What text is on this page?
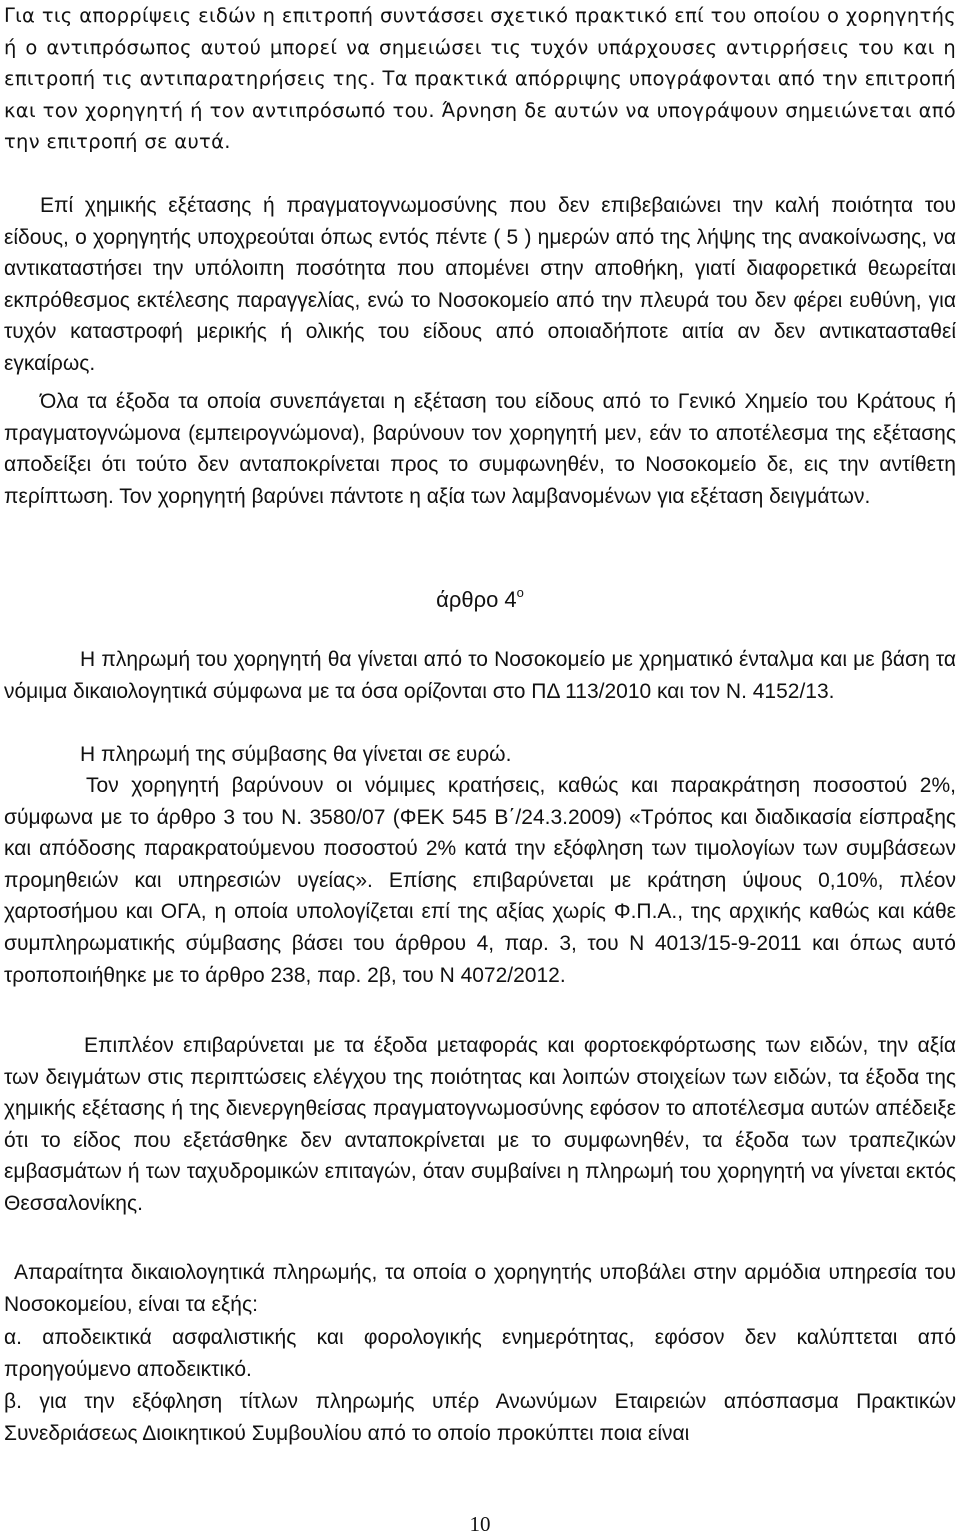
Για τις απορρίψεις ειδών η επιτροπή συντάσσει σχετικό πρακτικό επί του οποίου ο χορηγητής ή ο αντιπρόσωπος αυτού μπορεί να σημειώσει τις τυχόν υπάρχουσες αντιρρήσεις του και η επιτροπή τις αντιπαρατηρήσεις της. Τα πρακτικά απόρριψης υπογράφονται από την επιτροπή και τον χορηγητή ή τον αντιπρόσωπό του. Άρνηση δε αυτών να υπογράψουν σημειώνεται από την επιτροπή σε αυτά.

Επί χημικής εξέτασης ή πραγματογνωμοσύνης που δεν επιβεβαιώνει την καλή ποιότητα του είδους, ο χορηγητής υποχρεούται όπως εντός πέντε ( 5 ) ημερών από της λήψης της ανακοίνωσης, να αντικαταστήσει την υπόλοιπη ποσότητα που απομένει στην αποθήκη, γιατί διαφορετικά θεωρείται εκπρόθεσμος εκτέλεσης παραγγελίας, ενώ το Νοσοκομείο από την πλευρά του δεν φέρει ευθύνη, για τυχόν καταστροφή μερικής ή ολικής του είδους από οποιαδήποτε αιτία αν δεν αντικατασταθεί εγκαίρως.

Όλα τα έξοδα τα οποία συνεπάγεται η εξέταση του είδους από το Γενικό Χημείο του Κράτους ή πραγματογνώμονα (εμπειρογνώμονα), βαρύνουν τον χορηγητή μεν, εάν το αποτέλεσμα της εξέτασης αποδείξει ότι τούτο δεν ανταποκρίνεται προς το συμφωνηθέν, το Νοσοκομείο δε, εις την αντίθετη περίπτωση. Τον χορηγητή βαρύνει πάντοτε η αξία των λαμβανομένων για εξέταση δειγμάτων.

άρθρο $4^o$

Η πληρωμή του χορηγητή θα γίνεται από το Νοσοκομείο με χρηματικό ένταλμα και με βάση τα νόμιμα δικαιολογητικά σύμφωνα με τα όσα ορίζονται στο ΠΔ 113/2010 και τον Ν. 4152/13.

Η πληρωμή της σύμβασης θα γίνεται σε ευρώ.

Τον χορηγητή βαρύνουν οι νόμιμες κρατήσεις, καθώς και παρακράτηση ποσοστού 2%, σύμφωνα με το άρθρο 3 του Ν. 3580/07 (ΦΕΚ 545 Β΄/24.3.2009) «Τρόπος και διαδικασία είσπραξης και απόδοσης παρακρατούμενου ποσοστού 2% κατά την εξόφληση των τιμολογίων των συμβάσεων προμηθειών και υπηρεσιών υγείας». Επίσης επιβαρύνεται με κράτηση ύψους 0,10%, πλέον χαρτοσήμου και ΟΓΑ, η οποία υπολογίζεται επί της αξίας χωρίς Φ.Π.Α., της αρχικής καθώς και κάθε συμπληρωματικής σύμβασης βάσει του άρθρου 4, παρ. 3, του Ν 4013/15-9-2011 και όπως αυτό τροποποιήθηκε με το άρθρο 238, παρ. 2β, του Ν 4072/2012.

Επιπλέον επιβαρύνεται με τα έξοδα μεταφοράς και φορτοεκφόρτωσης των ειδών, την αξία των δειγμάτων στις περιπτώσεις ελέγχου της ποιότητας και λοιπών στοιχείων των ειδών, τα έξοδα της χημικής εξέτασης ή της διενεργηθείσας πραγματογνωμοσύνης εφόσον το αποτέλεσμα αυτών απέδειξε ότι το είδος που εξετάσθηκε δεν ανταποκρίνεται με το συμφωνηθέν, τα έξοδα των τραπεζικών εμβασμάτων ή των ταχυδρομικών επιταγών, όταν συμβαίνει η πληρωμή του χορηγητή να γίνεται εκτός Θεσσαλονίκης.

Απαραίτητα δικαιολογητικά πληρωμής, τα οποία ο χορηγητής υποβάλει στην αρμόδια υπηρεσία του Νοσοκομείου, είναι τα εξής:

α. αποδεικτικά ασφαλιστικής και φορολογικής ενημερότητας, εφόσον δεν καλύπτεται από προηγούμενο αποδεικτικό.

β. για την εξόφληση τίτλων πληρωμής υπέρ Ανωνύμων Εταιρειών απόσπασμα Πρακτικών Συνεδριάσεως Διοικητικού Συμβουλίου από το οποίο προκύπτει ποια είναι

10
